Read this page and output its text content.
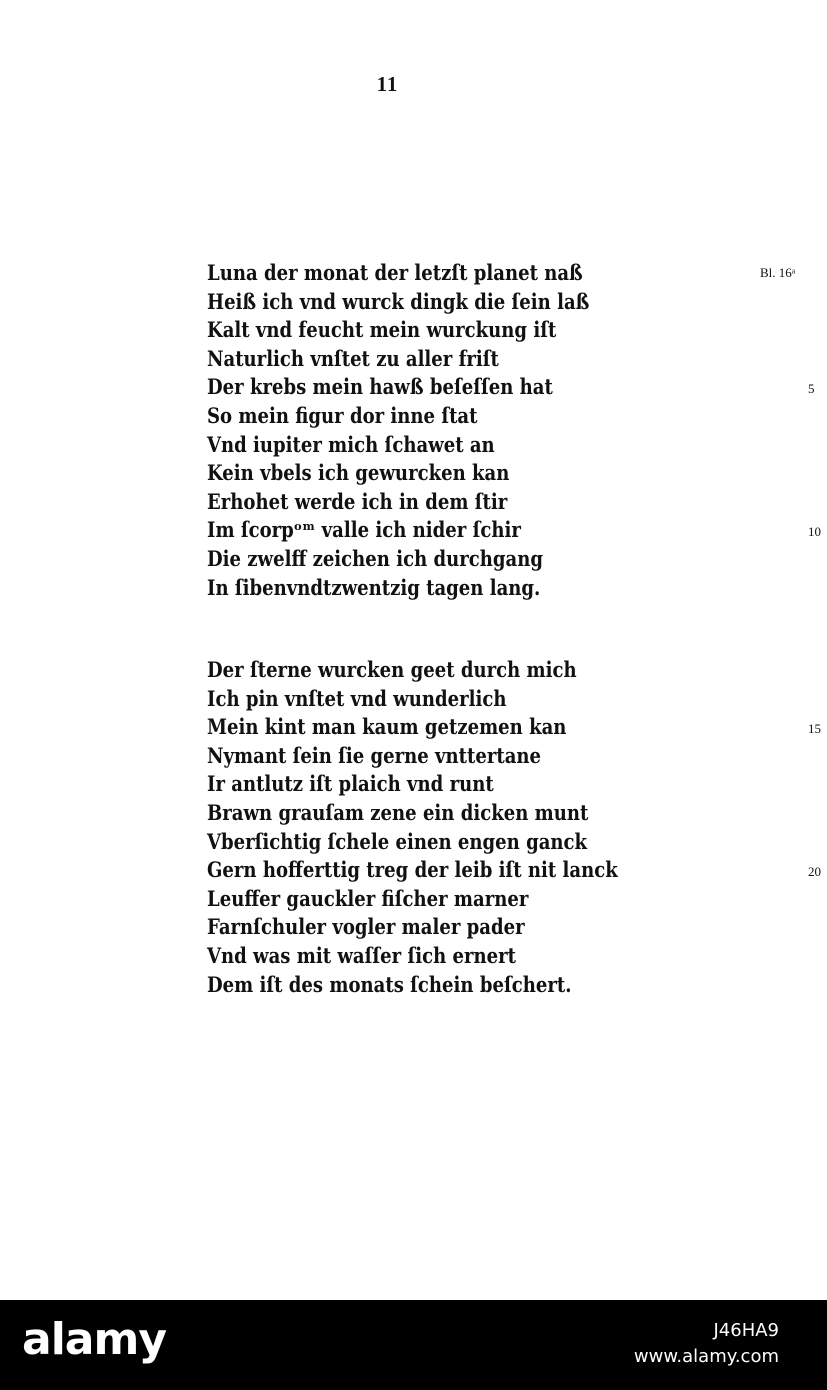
11
Bl. 16ᵃ
Luna der monat der letzſt planet naß
Heiß ich vnd wurck dingk die ſein laß
Kalt vnd feucht mein wurckung iſt
Naturlich vnſtet zu aller friſt
Der krebs mein hawß beſeſſen hat
So mein figur dor inne ſtat
Vnd iupiter mich ſchawet an
Kein vbels ich gewurcken kan
Erhohet werde ich in dem ſtir
Im ſcorpᵒᵐ valle ich nider ſchir
Die zwelff zeichen ich durchgang
In ſibenvndtzwentzig tagen lang.
Der ſterne wurcken geet durch mich
Ich pin vnſtet vnd wunderlich
Mein kint man kaum getzemen kan
Nymant ſein ſie gerne vnttertane
Ir antlutz iſt plaich vnd runt
Brawn grauſam zene ein dicken munt
Vberſichtig ſchele einen engen ganck
Gern hofferttig treg der leib iſt nit lanck
Leuffer gauckler fiſcher marner
Farnſchuler vogler maler pader
Vnd was mit waſſer ſich ernert
Dem iſt des monats ſchein beſchert.
5
10
15
20
alamy	J46HA9
www.alamy.com
